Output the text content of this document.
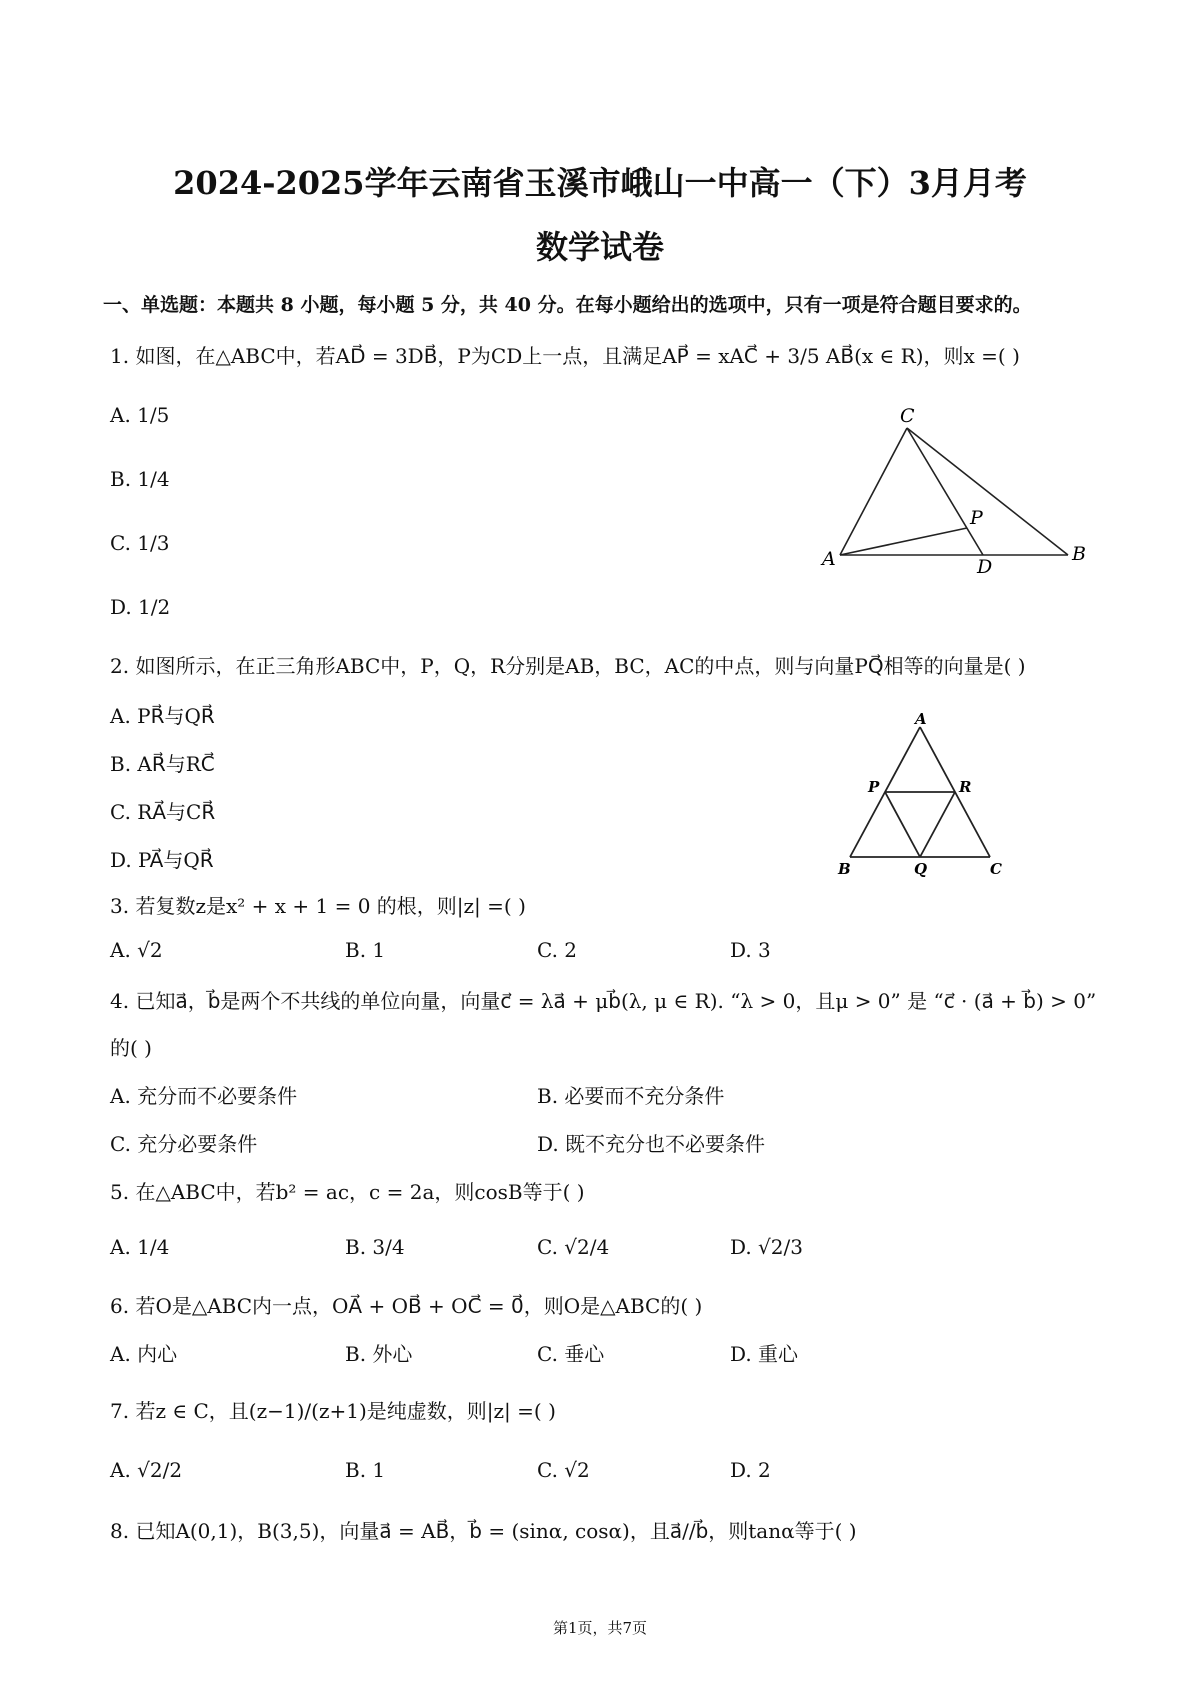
2024-2025学年云南省玉溪市峨山一中高一（下）3月月考
数学试卷
一、单选题：本题共 8 小题，每小题 5 分，共 40 分。在每小题给出的选项中，只有一项是符合题目要求的。
1. 如图，在△ABC中，若AD⃗ = 3DB⃗，P为CD上一点，且满足AP⃗ = xAC⃗ + 3/5 AB⃗(x ∈ R)，则x =( )
A. 1/5
B. 1/4
C. 1/3
D. 1/2
C
P
A	D
B
2. 如图所示，在正三角形ABC中，P，Q，R分别是AB，BC，AC的中点，则与向量PQ⃗相等的向量是( )
A. PR⃗与QR⃗
B. AR⃗与RC⃗
C. RA⃗与CR⃗
D. PA⃗与QR⃗
A
P	R
B	Q	C
3. 若复数z是x² + x + 1 = 0 的根，则|z| =( )
A. √2	B. 1	C. 2	D. 3
4. 已知a⃗，b⃗是两个不共线的单位向量，向量c⃗ = λa⃗ + μb⃗(λ, μ ∈ R). “λ > 0，且μ > 0” 是 “c⃗ · (a⃗ + b⃗) > 0”
的( )
A. 充分而不必要条件	B. 必要而不充分条件
C. 充分必要条件	D. 既不充分也不必要条件
5. 在△ABC中，若b² = ac，c = 2a，则cosB等于( )
A. 1/4	B. 3/4	C. √2/4	D. √2/3
6. 若O是△ABC内一点，OA⃗ + OB⃗ + OC⃗ = 0⃗，则O是△ABC的( )
A. 内心	B. 外心	C. 垂心	D. 重心
7. 若z ∈ C，且(z−1)/(z+1)是纯虚数，则|z| =( )
A. √2/2	B. 1	C. √2	D. 2
8. 已知A(0,1)，B(3,5)，向量a⃗ = AB⃗，b⃗ = (sinα, cosα)，且a⃗//b⃗，则tanα等于( )
第1页，共7页
